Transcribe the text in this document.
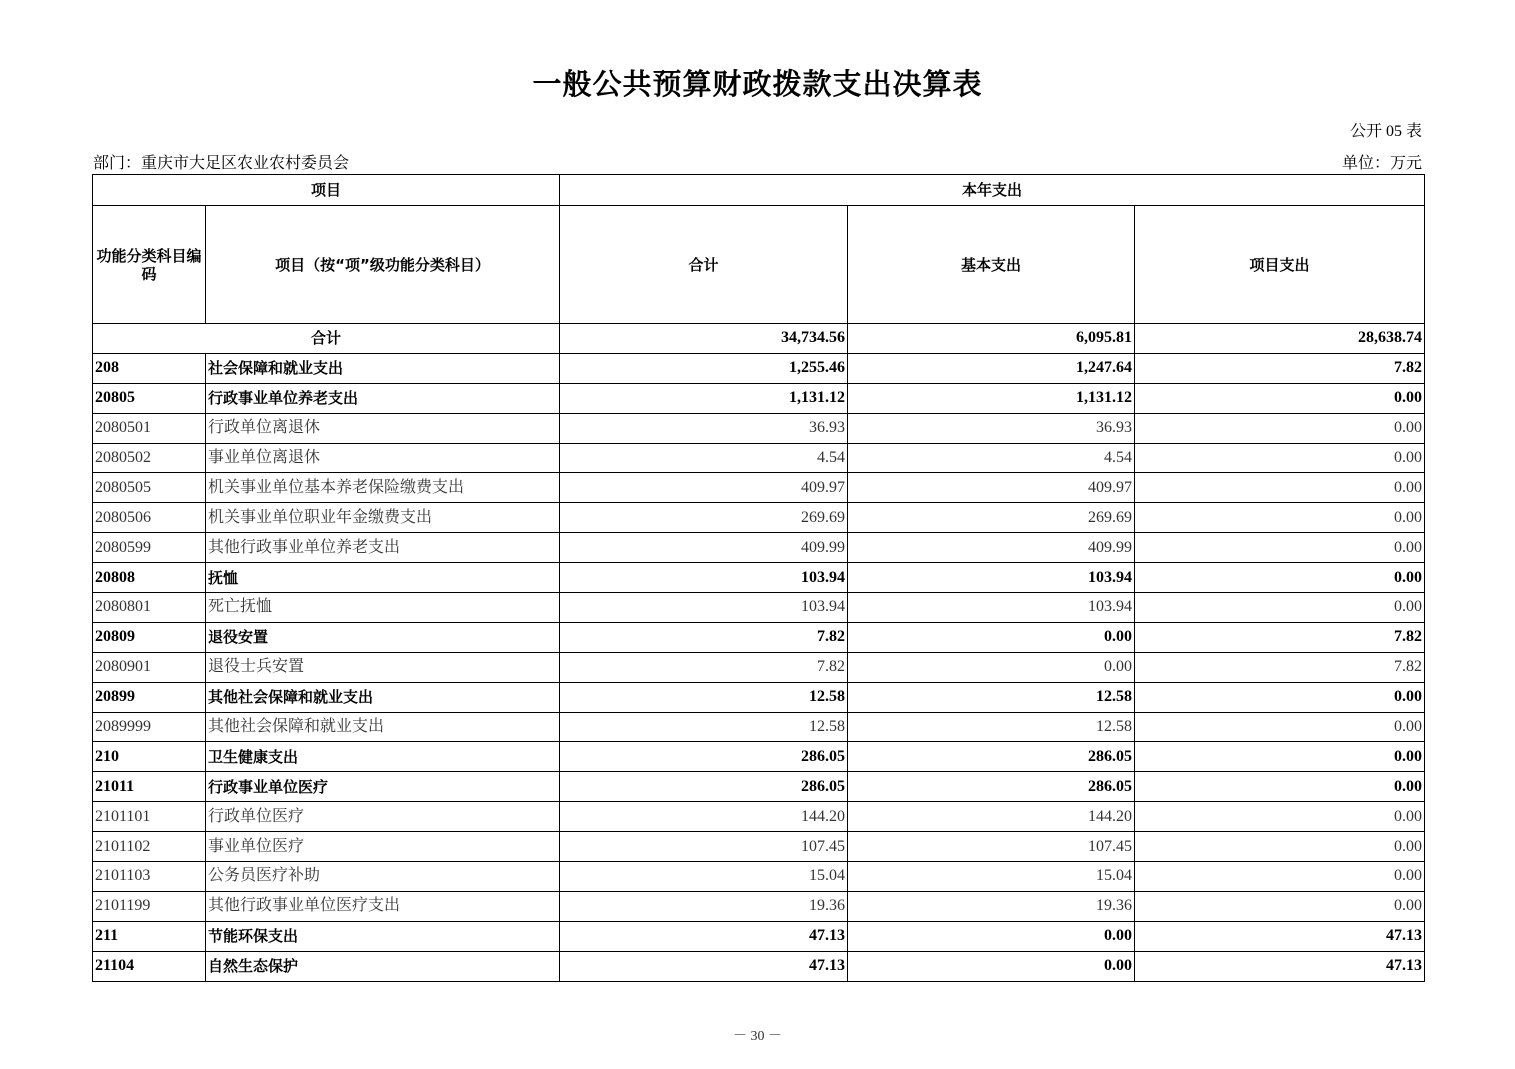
一般公共预算财政拨款支出决算表
公开 05 表
部门：重庆市大足区农业农村委员会	单位：万元
项目		本年支出		
功能分类科目编码	项目（按“项”级功能分类科目）	合计	基本支出	项目支出
合计		34,734.56	6,095.81	28,638.74
208	社会保障和就业支出	1,255.46	1,247.64	7.82
20805	行政事业单位养老支出	1,131.12	1,131.12	0.00
2080501	行政单位离退休	36.93	36.93	0.00
2080502	事业单位离退休	4.54	4.54	0.00
2080505	机关事业单位基本养老保险缴费支出	409.97	409.97	0.00
2080506	机关事业单位职业年金缴费支出	269.69	269.69	0.00
2080599	其他行政事业单位养老支出	409.99	409.99	0.00
20808	抚恤	103.94	103.94	0.00
2080801	死亡抚恤	103.94	103.94	0.00
20809	退役安置	7.82	0.00	7.82
2080901	退役士兵安置	7.82	0.00	7.82
20899	其他社会保障和就业支出	12.58	12.58	0.00
2089999	其他社会保障和就业支出	12.58	12.58	0.00
210	卫生健康支出	286.05	286.05	0.00
21011	行政事业单位医疗	286.05	286.05	0.00
2101101	行政单位医疗	144.20	144.20	0.00
2101102	事业单位医疗	107.45	107.45	0.00
2101103	公务员医疗补助	15.04	15.04	0.00
2101199	其他行政事业单位医疗支出	19.36	19.36	0.00
211	节能环保支出	47.13	0.00	47.13
21104	自然生态保护	47.13	0.00	47.13
－ 30 －
